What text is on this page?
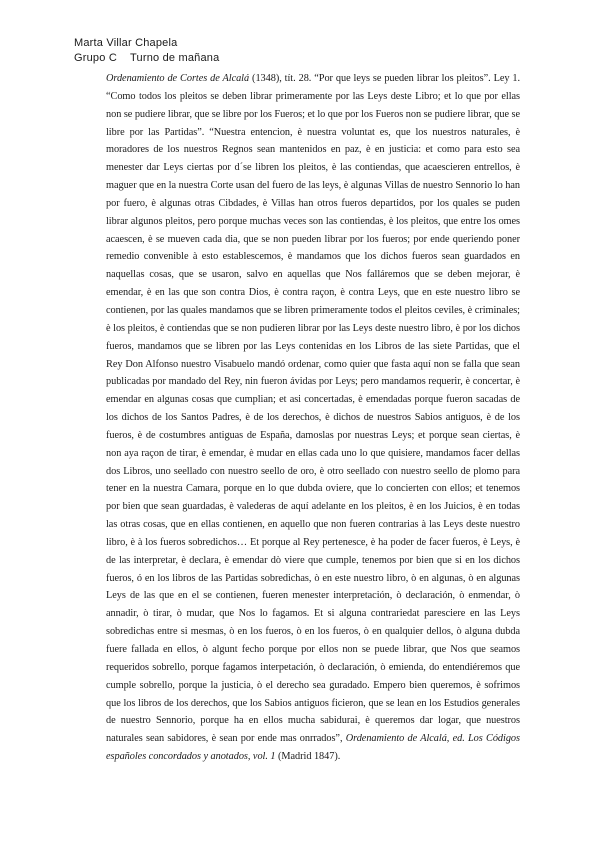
Marta Villar Chapela
Grupo C Turno de mañana

Ordenamiento de Cortes de Alcalá (1348), tít. 28. “Por que leys se pueden librar los pleitos”. Ley 1. “Como todos los pleitos se deben librar primeramente por las Leys deste Libro; et lo que por ellas non se pudiere librar, que se libre por los Fueros; et lo que por los Fueros non se pudiere librar, que se libre por las Partidas”. “Nuestra entencion, è nuestra voluntat es, que los nuestros naturales, è moradores de los nuestros Regnos sean mantenidos en paz, è en justicia: et como para esto sea menester dar Leys ciertas por d´se libren los pleitos, è las contiendas, que acaescieren entrellos, è maguer que en la nuestra Corte usan del fuero de las leys, è algunas Villas de nuestro Sennorio lo han por fuero, è algunas otras Cibdades, è Villas han otros fueros departidos, por los quales se puden librar algunos pleitos, pero porque muchas veces son las contiendas, è los pleitos, que entre los omes acaescen, è se mueven cada dia, que se non pueden librar por los fueros; por ende queriendo poner remedio convenible à esto establescemos, è mandamos que los dichos fueros sean guardados en naquellas cosas, que se usaron, salvo en aquellas que Nos falláremos que se deben mejorar, è emendar, è en las que son contra Dios, è contra raçon, è contra Leys, que en este nuestro libro se contienen, por las quales mandamos que se libren primeramente todos el pleitos ceviles, è criminales; è los pleitos, è contiendas que se non pudieren librar por las Leys deste nuestro libro, è por los dichos fueros, mandamos que se libren por las Leys contenidas en los Libros de las siete Partidas, que el Rey Don Alfonso nuestro Visabuelo mandó ordenar, como quier que fasta aquí non se falla que sean publicadas por mandado del Rey, nin fueron ávidas por Leys; pero mandamos requerir, è concertar, è emendar en algunas cosas que cumplian; et asi concertadas, è emendadas porque fueron sacadas de los dichos de los Santos Padres, è de los derechos, è dichos de nuestros Sabios antiguos, è de los fueros, è de costumbres antiguas de España, damoslas por nuestras Leys; et porque sean ciertas, è non aya raçon de tirar, è emendar, è mudar en ellas cada uno lo que quisiere, mandamos facer dellas dos Libros, uno seellado con nuestro seello de oro, è otro seellado con nuestro seello de plomo para tener en la nuestra Camara, porque en lo que dubda oviere, que lo concierten con ellos; et tenemos por bien que sean guardadas, è valederas de aquí adelante en los pleitos, è en los Juicios, è en todas las otras cosas, que en ellas contienen, en aquello que non fueren contrarias à las Leys deste nuestro libro, è à los fueros sobredichos… Et porque al Rey pertenesce, è ha poder de facer fueros, è Leys, è de las interpretar, è declara, è emendar dò viere que cumple, tenemos por bien que si en los dichos fueros, ó en los libros de las Partidas sobredichas, ò en este nuestro libro, ò en algunas, ò en algunas Leys de las que en el se contienen, fueren menester interpretación, ò declaración, ò enmendar, ò annadir, ò tirar, ò mudar, que Nos lo fagamos. Et si alguna contrariedat paresciere en las Leys sobredichas entre si mesmas, ò en los fueros, ò en los fueros, ò en qualquier dellos, ò alguna dubda fuere fallada en ellos, ò algunt fecho porque por ellos non se puede librar, que Nos que seamos requeridos sobrello, porque fagamos interpetación, ò declaración, ò emienda, do entendiéremos que cumple sobrello, porque la justicia, ò el derecho sea guradado. Empero bien queremos, è sofrimos que los libros de los derechos, que los Sabios antiguos ficieron, que se lean en los Estudios generales de nuestro Sennorio, porque ha en ellos mucha sabidurai, è queremos dar logar, que nuestros naturales sean sabidores, è sean por ende mas onrrados”, Ordenamiento de Alcalá, ed. Los Códigos españoles concordados y anotados, vol. 1 (Madrid 1847).
